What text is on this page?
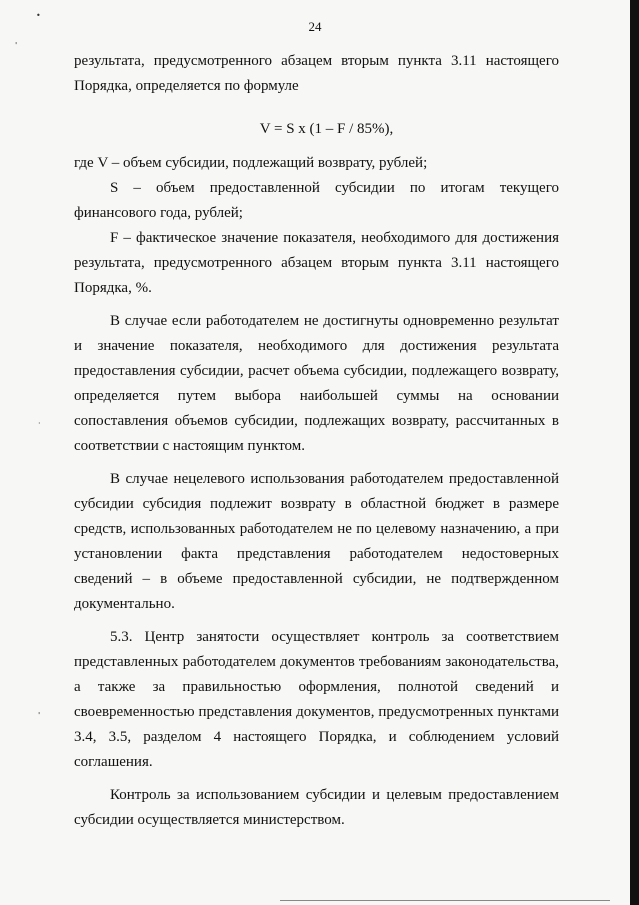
•
'
·
'
24

результата, предусмотренного абзацем вторым пункта 3.11 настоящего Порядка, определяется по формуле

V = S x (1 – F / 85%),

где V – объем субсидии, подлежащий возврату, рублей;

S – объем предоставленной субсидии по итогам текущего финансового года, рублей;

F – фактическое значение показателя, необходимого для достижения результата, предусмотренного абзацем вторым пункта 3.11 настоящего Порядка, %.

В случае если работодателем не достигнуты одновременно результат и значение показателя, необходимого для достижения результата предоставления субсидии, расчет объема субсидии, подлежащего возврату, определяется путем выбора наибольшей суммы на основании сопоставления объемов субсидии, подлежащих возврату, рассчитанных в соответствии с настоящим пунктом.

В случае нецелевого использования работодателем предоставленной субсидии субсидия подлежит возврату в областной бюджет в размере средств, использованных работодателем не по целевому назначению, а при установлении факта представления работодателем недостоверных сведений – в объеме предоставленной субсидии, не подтвержденном документально.

5.3. Центр занятости осуществляет контроль за соответствием представленных работодателем документов требованиям законодательства, а также за правильностью оформления, полнотой сведений и своевременностью представления документов, предусмотренных пунктами 3.4, 3.5, разделом 4 настоящего Порядка, и соблюдением условий соглашения.

Контроль за использованием субсидии и целевым предоставлением субсидии осуществляется министерством.
